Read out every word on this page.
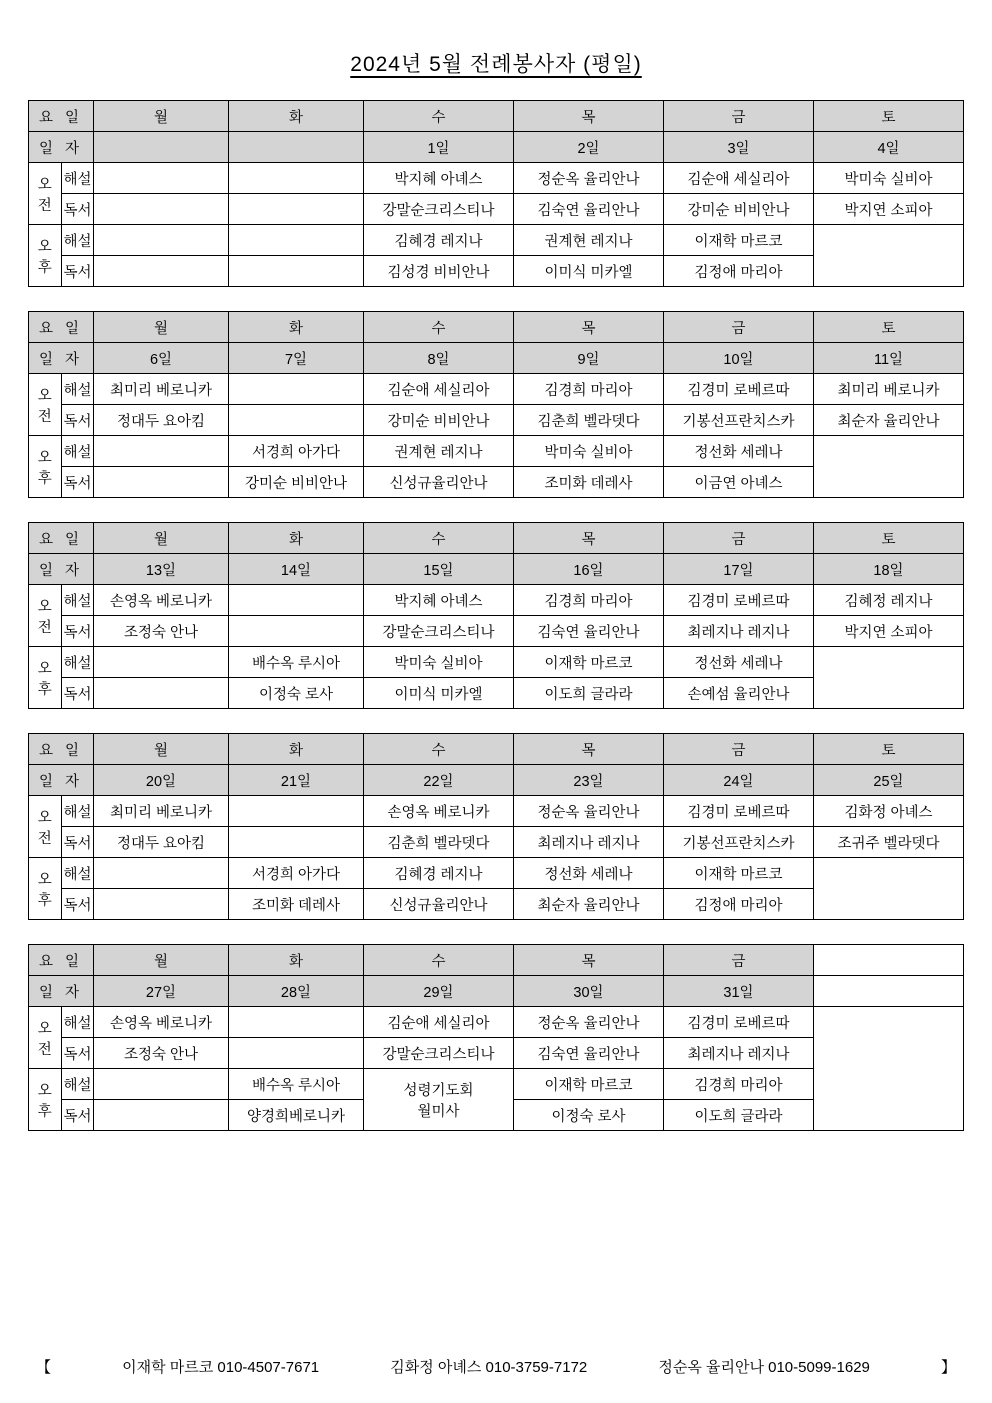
2024년 5월 전례봉사자 (평일)
요 일		월	화	수	목	금	토
일 자				1일	2일	3일	4일
오
전	해설			박지혜 아녜스	정순옥 율리안나	김순애 세실리아	박미숙 실비아
	독서			강말순크리스티나	김숙연 율리안나	강미순 비비안나	박지연 소피아
오
후	해설			김혜경 레지나	권계현 레지나	이재학 마르코	
	독서			김성경 비비안나	이미식 미카엘	김정애 마리아	
요 일		월	화	수	목	금	토
일 자		6일	7일	8일	9일	10일	11일
오
전	해설	최미리 베로니카		김순애 세실리아	김경희 마리아	김경미 로베르따	최미리 베로니카
	독서	정대두 요아킴		강미순 비비안나	김춘희 벨라뎃다	기봉선프란치스카	최순자 율리안나
오
후	해설		서경희 아가다	권계현 레지나	박미숙 실비아	정선화 세레나	
	독서		강미순 비비안나	신성규율리안나	조미화 데레사	이금연 아녜스	
요 일		월	화	수	목	금	토
일 자		13일	14일	15일	16일	17일	18일
오
전	해설	손영옥 베로니카		박지혜 아녜스	김경희 마리아	김경미 로베르따	김혜정 레지나
	독서	조정숙 안나		강말순크리스티나	김숙연 율리안나	최레지나 레지나	박지연 소피아
오
후	해설		배수옥 루시아	박미숙 실비아	이재학 마르코	정선화 세레나	
	독서		이정숙 로사	이미식 미카엘	이도희 글라라	손예섬 율리안나	
요 일		월	화	수	목	금	토
일 자		20일	21일	22일	23일	24일	25일
오
전	해설	최미리 베로니카		손영옥 베로니카	정순옥 율리안나	김경미 로베르따	김화정 아녜스
	독서	정대두 요아킴		김춘희 벨라뎃다	최레지나 레지나	기봉선프란치스카	조귀주 벨라뎃다
오
후	해설		서경희 아가다	김혜경 레지나	정선화 세레나	이재학 마르코	
	독서		조미화 데레사	신성규율리안나	최순자 율리안나	김정애 마리아	
요 일		월	화	수	목	금	
일 자		27일	28일	29일	30일	31일	
오
전	해설	손영옥 베로니카		김순애 세실리아	정순옥 율리안나	김경미 로베르따	
	독서	조정숙 안나		강말순크리스티나	김숙연 율리안나	최레지나 레지나	
오
후	해설		배수옥 루시아	성령기도회
월미사	이재학 마르코	김경희 마리아	
	독서		양경희베로니카		이정숙 로사	이도희 글라라	
【	이재학 마르코 010-4507-7671	김화정 아녜스 010-3759-7172	정순옥 율리안나 010-5099-1629	】
